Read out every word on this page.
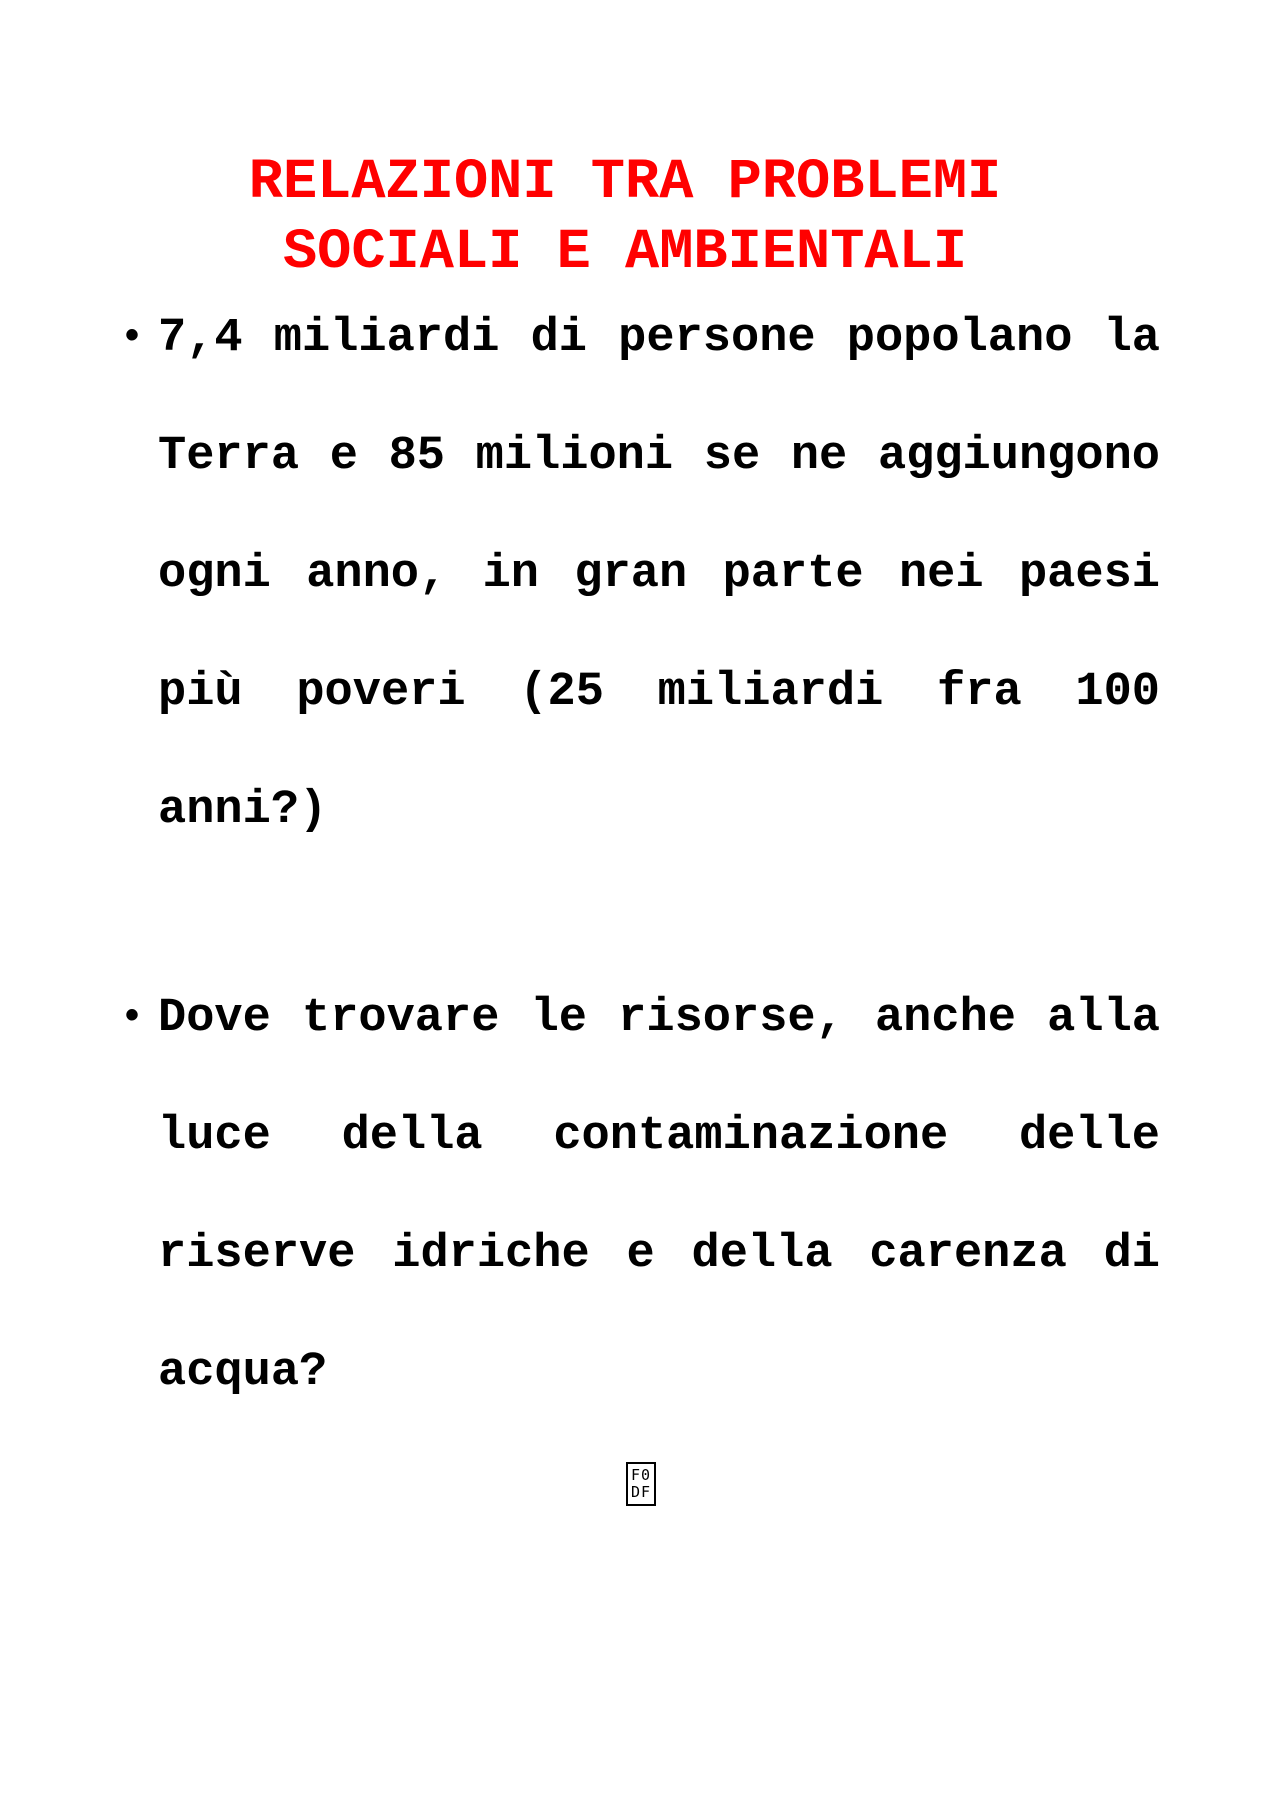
RELAZIONI TRA PROBLEMI
SOCIALI E AMBIENTALI
• 7,4 miliardi di persone popolano la Terra e 85 milioni se ne aggiungono ogni anno, in gran parte nei paesi più poveri (25 miliardi fra 100 anni?)
• Dove trovare le risorse, anche alla luce della contaminazione delle riserve idriche e della carenza di acqua?
F0
DF
